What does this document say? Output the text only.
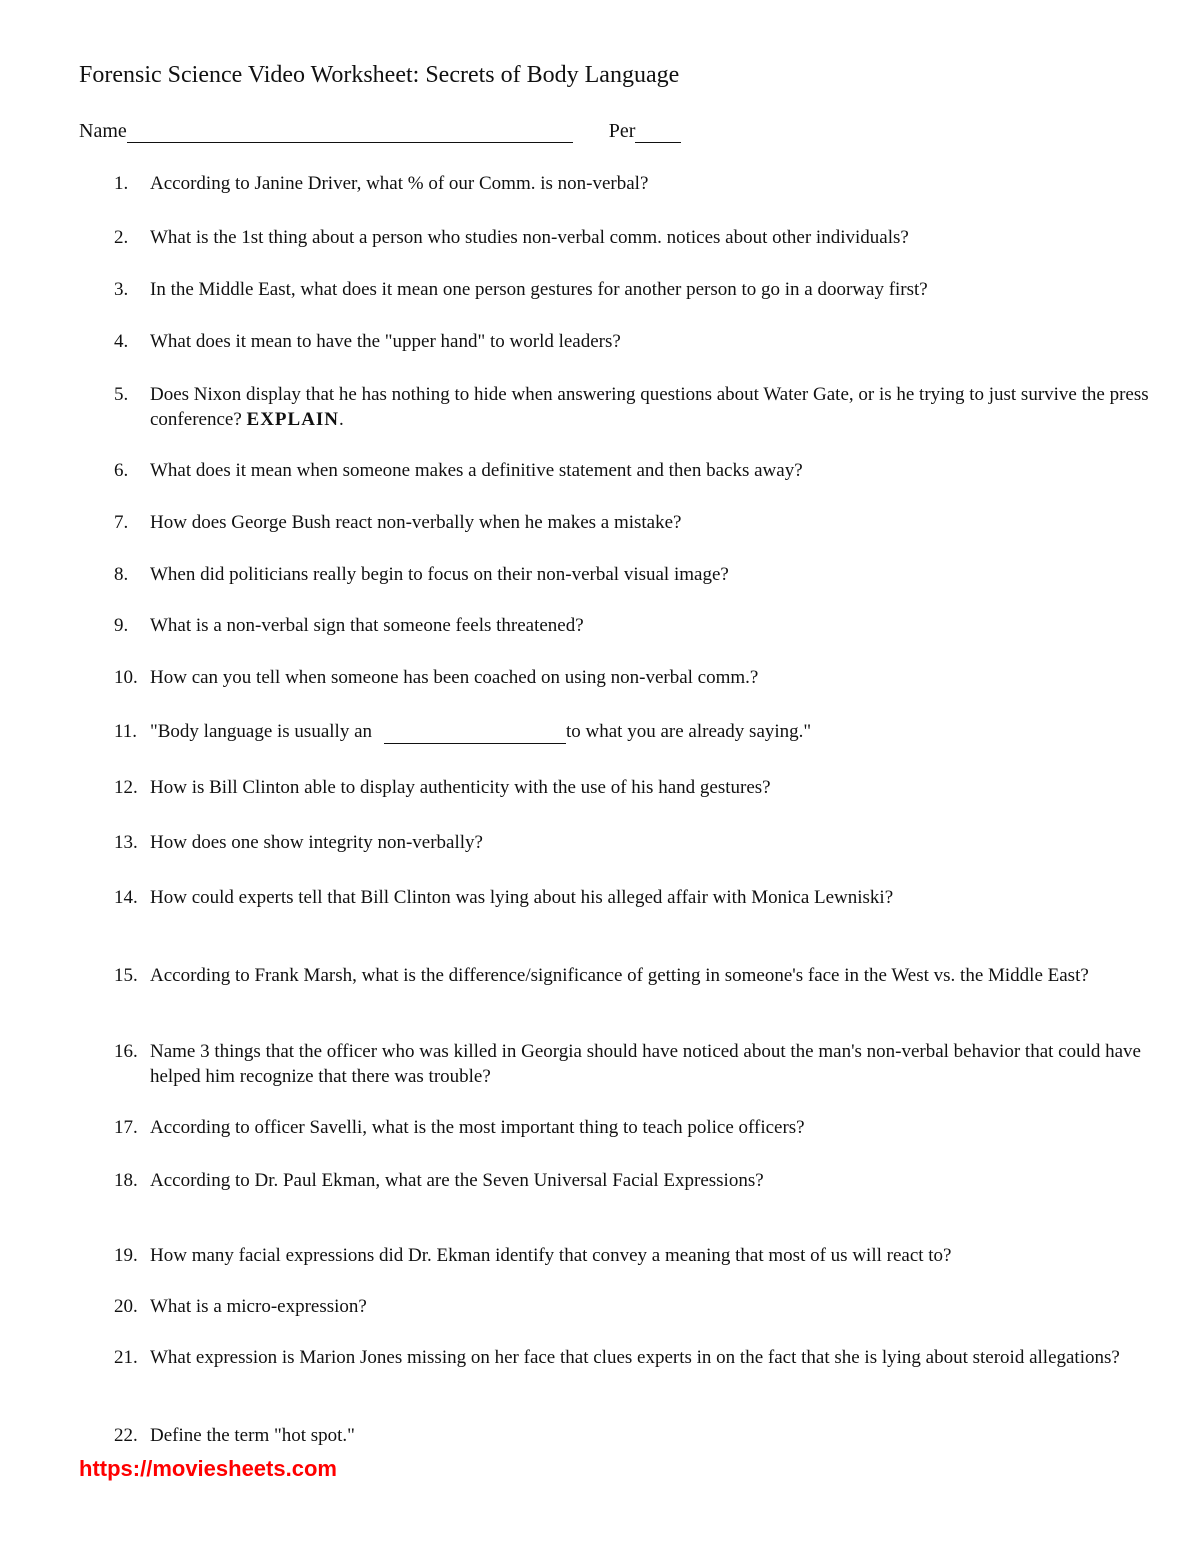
Forensic Science Video Worksheet: Secrets of Body Language
Name	Per
1. According to Janine Driver, what % of our Comm. is non-verbal?
2. What is the 1st thing about a person who studies non-verbal comm. notices about other individuals?
3. In the Middle East, what does it mean one person gestures for another person to go in a doorway first?
4. What does it mean to have the "upper hand" to world leaders?
5. Does Nixon display that he has nothing to hide when answering questions about Water Gate, or is he trying to just survive the press conference? EXPLAIN.
6. What does it mean when someone makes a definitive statement and then backs away?
7. How does George Bush react non-verbally when he makes a mistake?
8. When did politicians really begin to focus on their non-verbal visual image?
9. What is a non-verbal sign that someone feels threatened?
10. How can you tell when someone has been coached on using non-verbal comm.?
11. "Body language is usually an	to what you are already saying."
12. How is Bill Clinton able to display authenticity with the use of his hand gestures?
13. How does one show integrity non-verbally?
14. How could experts tell that Bill Clinton was lying about his alleged affair with Monica Lewniski?
15. According to Frank Marsh, what is the difference/significance of getting in someone's face in the West vs. the Middle East?
16. Name 3 things that the officer who was killed in Georgia should have noticed about the man's non-verbal behavior that could have helped him recognize that there was trouble?
17. According to officer Savelli, what is the most important thing to teach police officers?
18. According to Dr. Paul Ekman, what are the Seven Universal Facial Expressions?
19. How many facial expressions did Dr. Ekman identify that convey a meaning that most of us will react to?
20. What is a micro-expression?
21. What expression is Marion Jones missing on her face that clues experts in on the fact that she is lying about steroid allegations?
22. Define the term "hot spot."
https://moviesheets.com
